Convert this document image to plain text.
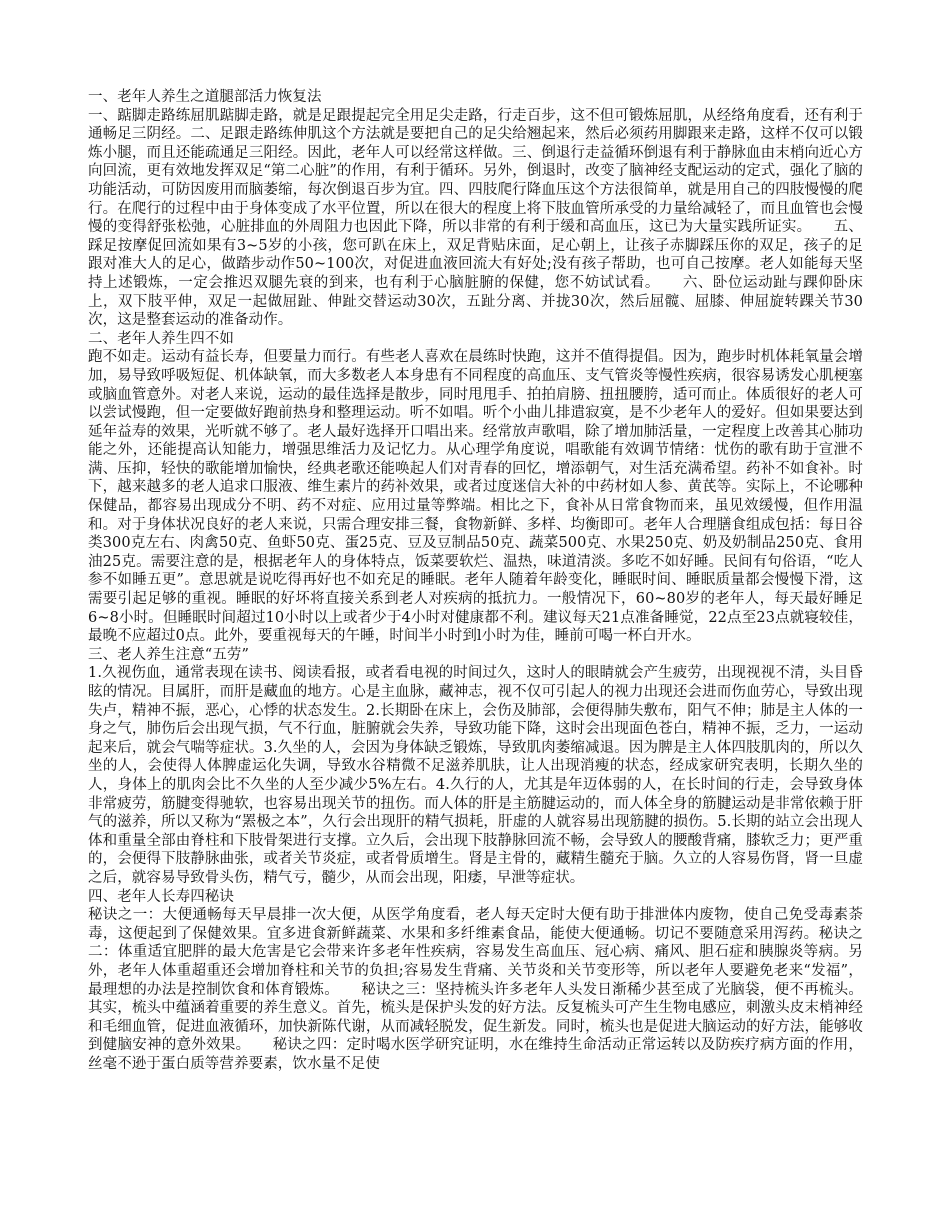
一、老年人养生之道腿部活力恢复法
一、踮脚走路练屈肌踮脚走路，就是足跟提起完全用足尖走路，行走百步，这不但可锻炼屈肌，从经络角度看，还有利于通畅足三阴经。二、足跟走路练伸肌这个方法就是要把自己的足尖给翘起来，然后必须药用脚跟来走路，这样不仅可以锻炼小腿，而且还能疏通足三阳经。因此，老年人可以经常这样做。三、倒退行走益循环倒退有利于静脉血由末梢向近心方向回流，更有效地发挥双足“第二心脏”的作用，有利于循环。另外，倒退时，改变了脑神经支配运动的定式，强化了脑的功能活动，可防因废用而脑萎缩，每次倒退百步为宜。四、四肢爬行降血压这个方法很简单，就是用自己的四肢慢慢的爬行。在爬行的过程中由于身体变成了水平位置，所以在很大的程度上将下肢血管所承受的力量给减轻了，而且血管也会慢慢的变得舒张松弛，心脏排血的外周阻力也因此下降，所以非常的有利于缓和高血压，这已为大量实践所证实。　　五、踩足按摩促回流如果有3~5岁的小孩，您可趴在床上，双足背贴床面，足心朝上，让孩子赤脚踩压你的双足，孩子的足跟对准大人的足心，做踏步动作50~100次，对促进血液回流大有好处;没有孩子帮助，也可自己按摩。老人如能每天坚持上述锻炼，一定会推迟双腿先衰的到来，也有利于心脑脏腑的保健，您不妨试试看。　　六、卧位运动趾与踝仰卧床上，双下肢平伸，双足一起做屈趾、伸趾交替运动30次，五趾分离、并拢30次，然后屈髋、屈膝、伸屈旋转踝关节30次，这是整套运动的准备动作。
二、老年人养生四不如
跑不如走。运动有益长寿，但要量力而行。有些老人喜欢在晨练时快跑，这并不值得提倡。因为，跑步时机体耗氧量会增加，易导致呼吸短促、机体缺氧，而大多数老人本身患有不同程度的高血压、支气管炎等慢性疾病，很容易诱发心肌梗塞或脑血管意外。对老人来说，运动的最佳选择是散步，同时甩甩手、拍拍肩膀、扭扭腰胯，适可而止。体质很好的老人可以尝试慢跑，但一定要做好跑前热身和整理运动。听不如唱。听个小曲儿排遣寂寞，是不少老年人的爱好。但如果要达到延年益寿的效果，光听就不够了。老人最好选择开口唱出来。经常放声歌唱，除了增加肺活量，一定程度上改善其心肺功能之外，还能提高认知能力，增强思维活力及记忆力。从心理学角度说，唱歌能有效调节情绪：忧伤的歌有助于宣泄不满、压抑，轻快的歌能增加愉快，经典老歌还能唤起人们对青春的回忆，增添朝气，对生活充满希望。药补不如食补。时下，越来越多的老人追求口服液、维生素片的药补效果，或者过度迷信大补的中药材如人参、黄芪等。实际上，不论哪种保健品，都容易出现成分不明、药不对症、应用过量等弊端。相比之下，食补从日常食物而来，虽见效缓慢，但作用温和。对于身体状况良好的老人来说，只需合理安排三餐，食物新鲜、多样、均衡即可。老年人合理膳食组成包括：每日谷类300克左右、肉禽50克、鱼虾50克、蛋25克、豆及豆制品50克、蔬菜500克、水果250克、奶及奶制品250克、食用油25克。需要注意的是，根据老年人的身体特点，饭菜要软烂、温热，味道清淡。多吃不如好睡。民间有句俗语，“吃人参不如睡五更”。意思就是说吃得再好也不如充足的睡眠。老年人随着年龄变化，睡眠时间、睡眠质量都会慢慢下滑，这需要引起足够的重视。睡眠的好坏将直接关系到老人对疾病的抵抗力。一般情况下，60~80岁的老年人，每天最好睡足6~8小时。但睡眠时间超过10小时以上或者少于4小时对健康都不利。建议每天21点准备睡觉，22点至23点就寝较佳，最晚不应超过0点。此外，要重视每天的午睡，时间半小时到l小时为佳，睡前可喝一杯白开水。
三、老人养生注意“五劳”
1.久视伤血，通常表现在读书、阅读看报，或者看电视的时间过久，这时人的眼睛就会产生疲劳，出现视视不清，头目昏眩的情况。目属肝，而肝是藏血的地方。心是主血脉，藏神志，视不仅可引起人的视力出现还会进而伤血劳心，导致出现失卢，精神不振，恶心，心悸的状态发生。2.长期卧在床上，会伤及肺部，会便得肺失敷布，阳气不伸；肺是主人体的一身之气，肺伤后会出现气损，气不行血，脏腑就会失养，导致功能下降，这时会出现面色苍白，精神不振，乏力，一运动起来后，就会气喘等症状。3.久坐的人，会因为身体缺乏锻炼，导致肌肉萎缩减退。因为脾是主人体四肢肌肉的，所以久坐的人，会使得人体脾虚运化失调，导致水谷精微不足滋养肌肤，让人出现消瘦的状态，经成家研究表明，长期久坐的人，身体上的肌肉会比不久坐的人至少减少5%左右。4.久行的人，尤其是年迈体弱的人，在长时间的行走，会导致身体非常疲劳，筋腱变得驰软，也容易出现关节的扭伤。而人体的肝是主筋腱运动的，而人体全身的筋腱运动是非常依赖于肝气的滋养，所以又称为“罴极之本”，久行会出现肝的精气损耗，肝虚的人就容易出现筋腱的损伤。5.长期的站立会出现人体和重量全部由脊柱和下肢骨架进行支撑。立久后，会出现下肢静脉回流不畅，会导致人的腰酸背痛，膝软乏力；更严重的，会便得下肢静脉曲张，或者关节炎症，或者骨质增生。肾是主骨的，藏精生髓充于脑。久立的人容易伤肾，肾一旦虚之后，就容易导致骨头伤，精气亏，髓少，从而会出现，阳痿，早泄等症状。
四、老年人长寿四秘诀
秘诀之一：大便通畅每天早晨排一次大便，从医学角度看，老人每天定时大便有助于排泄体内废物，使自己免受毒素荼毒，这便起到了保健效果。宜多进食新鲜蔬菜、水果和多纤维素食品，能使大便通畅。切记不要随意采用泻药。秘诀之二：体重适宜肥胖的最大危害是它会带来许多老年性疾病，容易发生高血压、冠心病、痛风、胆石症和胰腺炎等病。另外，老年人体重超重还会增加脊柱和关节的负担;容易发生背痛、关节炎和关节变形等，所以老年人要避免老来“发福”，最理想的办法是控制饮食和体育锻炼。　　秘诀之三：坚持梳头许多老年人头发日渐稀少甚至成了光脑袋，便不再梳头。其实，梳头中蕴涵着重要的养生意义。首先，梳头是保护头发的好方法。反复梳头可产生生物电感应，刺激头皮末梢神经和毛细血管，促进血液循环，加快新陈代谢，从而减轻脱发，促生新发。同时，梳头也是促进大脑运动的好方法，能够收到健脑安神的意外效果。　　秘诀之四：定时喝水医学研究证明，水在维持生命活动正常运转以及防疾疗病方面的作用，丝毫不逊于蛋白质等营养要素，饮水量不足使
